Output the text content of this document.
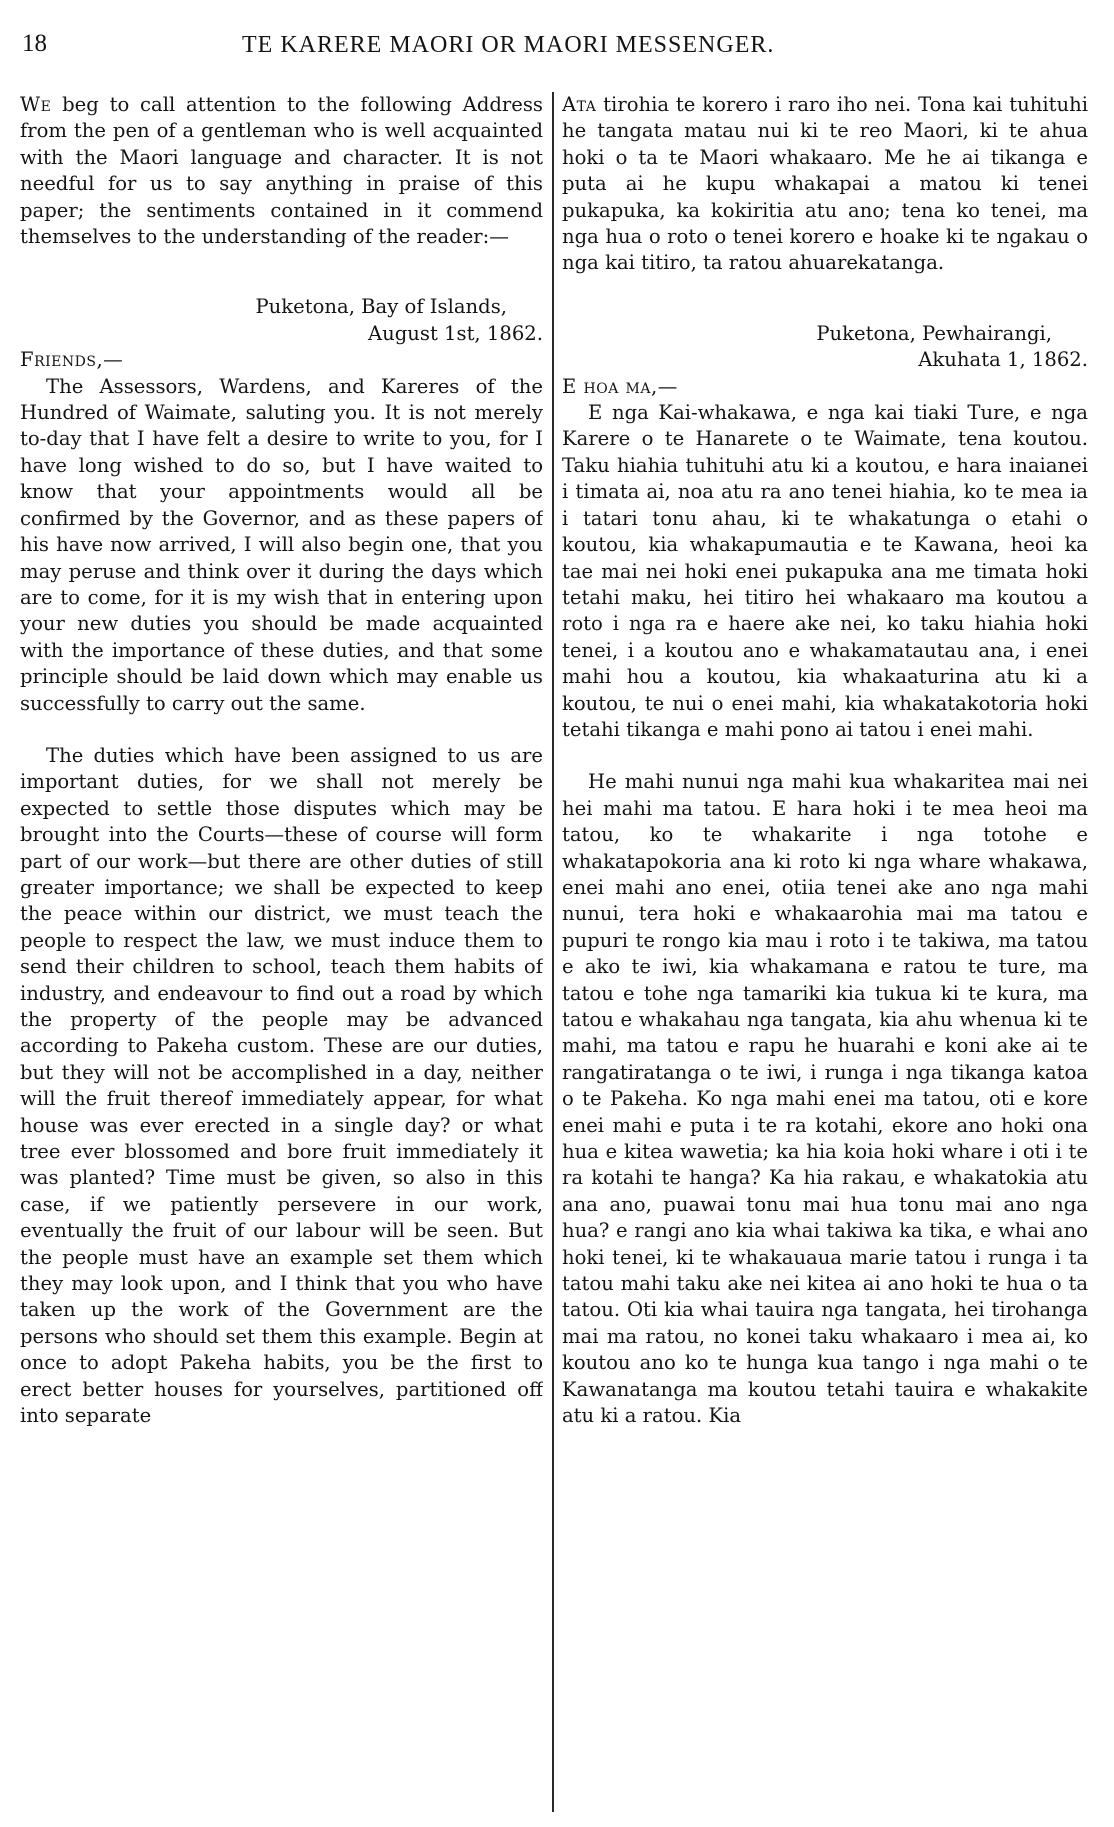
18	TE KARERE MAORI OR MAORI MESSENGER.

We beg to call attention to the following Address from the pen of a gentleman who is well acquainted with the Maori language and character. It is not needful for us to say anything in praise of this paper; the sentiments contained in it commend themselves to the understanding of the reader:—

Puketona, Bay of Islands,
August 1st, 1862.

Friends,—

The Assessors, Wardens, and Kareres of the Hundred of Waimate, saluting you. It is not merely to-day that I have felt a desire to write to you, for I have long wished to do so, but I have waited to know that your appointments would all be confirmed by the Governor, and as these papers of his have now arrived, I will also begin one, that you may peruse and think over it during the days which are to come, for it is my wish that in entering upon your new duties you should be made acquainted with the importance of these duties, and that some principle should be laid down which may enable us successfully to carry out the same.

The duties which have been assigned to us are important duties, for we shall not merely be expected to settle those disputes which may be brought into the Courts—these of course will form part of our work—but there are other duties of still greater importance; we shall be expected to keep the peace within our district, we must teach the people to respect the law, we must induce them to send their children to school, teach them habits of industry, and endeavour to find out a road by which the property of the people may be advanced according to Pakeha custom. These are our duties, but they will not be accomplished in a day, neither will the fruit thereof immediately appear, for what house was ever erected in a single day? or what tree ever blossomed and bore fruit immediately it was planted? Time must be given, so also in this case, if we patiently persevere in our work, eventually the fruit of our labour will be seen. But the people must have an example set them which they may look upon, and I think that you who have taken up the work of the Government are the persons who should set them this example. Begin at once to adopt Pakeha habits, you be the first to erect better houses for yourselves, partitioned off into separate

Ata tirohia te korero i raro iho nei. Tona kai tuhituhi he tangata matau nui ki te reo Maori, ki te ahua hoki o ta te Maori whakaaro. Me he ai tikanga e puta ai he kupu whakapai a matou ki tenei pukapuka, ka kokiritia atu ano; tena ko tenei, ma nga hua o roto o tenei korero e hoake ki te ngakau o nga kai titiro, ta ratou ahuarekatanga.

Puketona, Pewhairangi,
Akuhata 1, 1862.

E hoa ma,—

E nga Kai-whakawa, e nga kai tiaki Ture, e nga Karere o te Hanarete o te Waimate, tena koutou. Taku hiahia tuhituhi atu ki a koutou, e hara inaianei i timata ai, noa atu ra ano tenei hiahia, ko te mea ia i tatari tonu ahau, ki te whakatunga o etahi o koutou, kia whakapumautia e te Kawana, heoi ka tae mai nei hoki enei pukapuka ana me timata hoki tetahi maku, hei titiro hei whakaaro ma koutou a roto i nga ra e haere ake nei, ko taku hiahia hoki tenei, i a koutou ano e whakamatautau ana, i enei mahi hou a koutou, kia whakaaturina atu ki a koutou, te nui o enei mahi, kia whakatakotoria hoki tetahi tikanga e mahi pono ai tatou i enei mahi.

He mahi nunui nga mahi kua whakaritea mai nei hei mahi ma tatou. E hara hoki i te mea heoi ma tatou, ko te whakarite i nga totohe e whakatapokoria ana ki roto ki nga whare whakawa, enei mahi ano enei, otiia tenei ake ano nga mahi nunui, tera hoki e whakaarohia mai ma tatou e pupuri te rongo kia mau i roto i te takiwa, ma tatou e ako te iwi, kia whakamana e ratou te ture, ma tatou e tohe nga tamariki kia tukua ki te kura, ma tatou e whakahau nga tangata, kia ahu whenua ki te mahi, ma tatou e rapu he huarahi e koni ake ai te rangatiratanga o te iwi, i runga i nga tikanga katoa o te Pakeha. Ko nga mahi enei ma tatou, oti e kore enei mahi e puta i te ra kotahi, ekore ano hoki ona hua e kitea wawetia; ka hia koia hoki whare i oti i te ra kotahi te hanga? Ka hia rakau, e whakatokia atu ana ano, puawai tonu mai hua tonu mai ano nga hua? e rangi ano kia whai takiwa ka tika, e whai ano hoki tenei, ki te whakauaua marie tatou i runga i ta tatou mahi taku ake nei kitea ai ano hoki te hua o ta tatou. Oti kia whai tauira nga tangata, hei tirohanga mai ma ratou, no konei taku whakaaro i mea ai, ko koutou ano ko te hunga kua tango i nga mahi o te Kawanatanga ma koutou tetahi tauira e whakakite atu ki a ratou. Kia
